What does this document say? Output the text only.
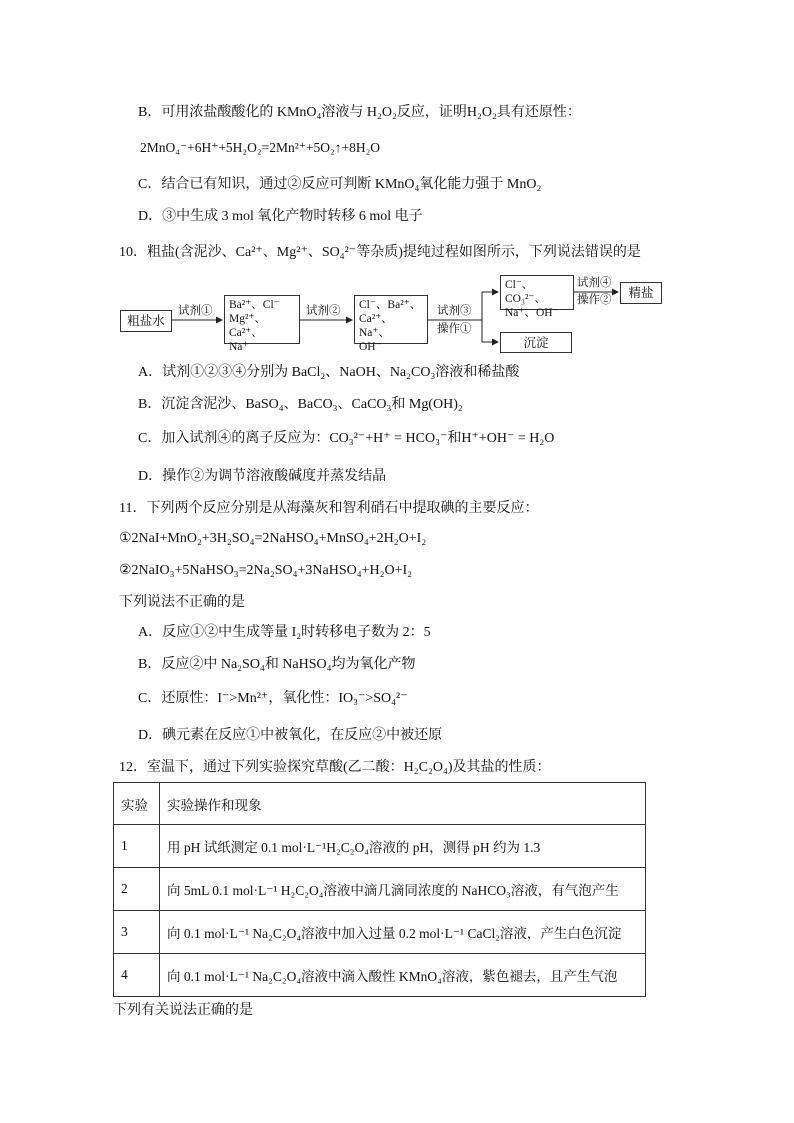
B．可用浓盐酸酸化的 KMnO₄溶液与 H₂O₂反应，证明H₂O₂具有还原性：
2MnO₄⁻+6H⁺+5H₂O₂=2Mn²⁺+5O₂↑+8H₂O
C．结合已有知识，通过②反应可判断 KMnO₄氧化能力强于 MnO₂
D．③中生成 3 mol 氧化产物时转移 6 mol 电子
10．粗盐(含泥沙、Ca²⁺、Mg²⁺、SO₄²⁻等杂质)提纯过程如图所示，下列说法错误的是
粗盐水
试剂① Ba²⁺、Cl⁻
Mg²⁺、Ca²⁺、
Na⁺
试剂② Cl⁻、Ba²⁺、
Ca²⁺、Na⁺、
OH⁻
试剂③
操作①
Cl⁻、CO₃²⁻、
Na⁺、OH⁻
试剂④
操作②	精盐
沉淀
A．试剂①②③④分别为 BaCl₂、NaOH、Na₂CO₃溶液和稀盐酸
B．沉淀含泥沙、BaSO₄、BaCO₃、CaCO₃和 Mg(OH)₂
C．加入试剂④的离子反应为：CO₃²⁻+H⁺ = HCO₃⁻和H⁺+OH⁻ = H₂O
D．操作②为调节溶液酸碱度并蒸发结晶
11．下列两个反应分别是从海藻灰和智利硝石中提取碘的主要反应：
①2NaI+MnO₂+3H₂SO₄=2NaHSO₄+MnSO₄+2H₂O+I₂
②2NaIO₃+5NaHSO₃=2Na₂SO₄+3NaHSO₄+H₂O+I₂
下列说法不正确的是
A．反应①②中生成等量 I₂时转移电子数为 2：5
B．反应②中 Na₂SO₄和 NaHSO₄均为氧化产物
C．还原性：I⁻>Mn²⁺，氧化性：IO₃⁻>SO₄²⁻
D．碘元素在反应①中被氧化，在反应②中被还原
12．室温下，通过下列实验探究草酸(乙二酸：H₂C₂O₄)及其盐的性质：
实验	实验操作和现象
1	用 pH 试纸测定 0.1 mol·L⁻¹H₂C₂O₄溶液的 pH，测得 pH 约为 1.3
2	向 5mL 0.1 mol·L⁻¹ H₂C₂O₄溶液中滴几滴同浓度的 NaHCO₃溶液，有气泡产生
3	向 0.1 mol·L⁻¹ Na₂C₂O₄溶液中加入过量 0.2 mol·L⁻¹ CaCl₂溶液，产生白色沉淀
4	向 0.1 mol·L⁻¹ Na₂C₂O₄溶液中滴入酸性 KMnO₄溶液，紫色褪去，且产生气泡
下列有关说法正确的是
